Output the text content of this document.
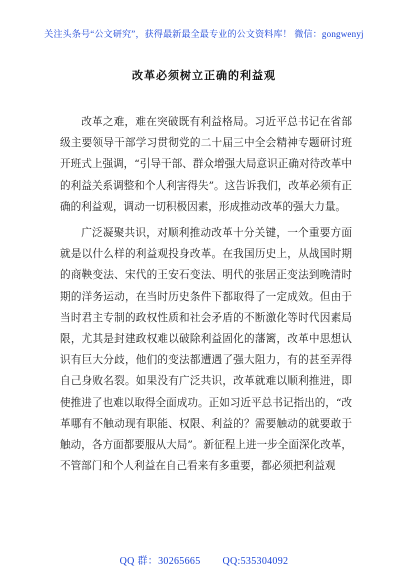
关注头条号“公文研究”，获得最新最全最专业的公文资料库！ 微信：gongwenyj
改革必须树立正确的利益观

改革之难，难在突破既有利益格局。习近平总书记在省部级主要领导干部学习贯彻党的二十届三中全会精神专题研讨班开班式上强调，“引导干部、群众增强大局意识正确对待改革中的利益关系调整和个人利害得失”。这告诉我们，改革必须有正确的利益观，调动一切积极因素，形成推动改革的强大力量。

广泛凝聚共识，对顺利推动改革十分关键，一个重要方面就是以什么样的利益观投身改革。在我国历史上，从战国时期的商鞅变法、宋代的王安石变法、明代的张居正变法到晚清时期的洋务运动，在当时历史条件下都取得了一定成效。但由于当时君主专制的政权性质和社会矛盾的不断激化等时代因素局限，尤其是封建政权难以破除利益固化的藩篱，改革中思想认识有巨大分歧，他们的变法都遭遇了强大阻力，有的甚至弄得自己身败名裂。如果没有广泛共识，改革就难以顺利推进，即使推进了也难以取得全面成功。正如习近平总书记指出的，“改革哪有不触动现有职能、权限、利益的？需要触动的就要敢于触动，各方面都要服从大局”。新征程上进一步全面深化改革，不管部门和个人利益在自己看来有多重要，都必须把利益观

QQ 群：30265665 QQ:535304092
